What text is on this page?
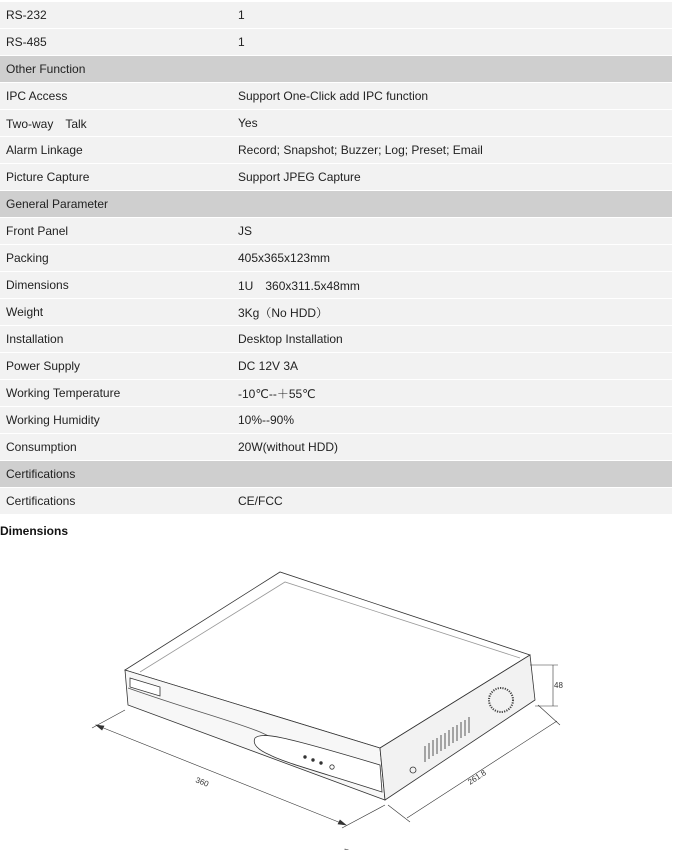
RS-232	1
RS-485	1
Other Function	
IPC Access	Support One-Click add IPC function
Two-way　Talk	Yes
Alarm Linkage	Record; Snapshot; Buzzer; Log; Preset; Email
Picture Capture	Support JPEG Capture
General Parameter	
Front Panel	JS
Packing	405x365x123mm
Dimensions	1U　360x311.5x48mm
Weight	3Kg（No HDD）
Installation	Desktop Installation
Power Supply	DC 12V 3A
Working Temperature	-10℃--＋55℃
Working Humidity	10%--90%
Consumption	20W(without HDD)
Certifications	
Certifications	CE/FCC
Dimensions
360	261.8
48
